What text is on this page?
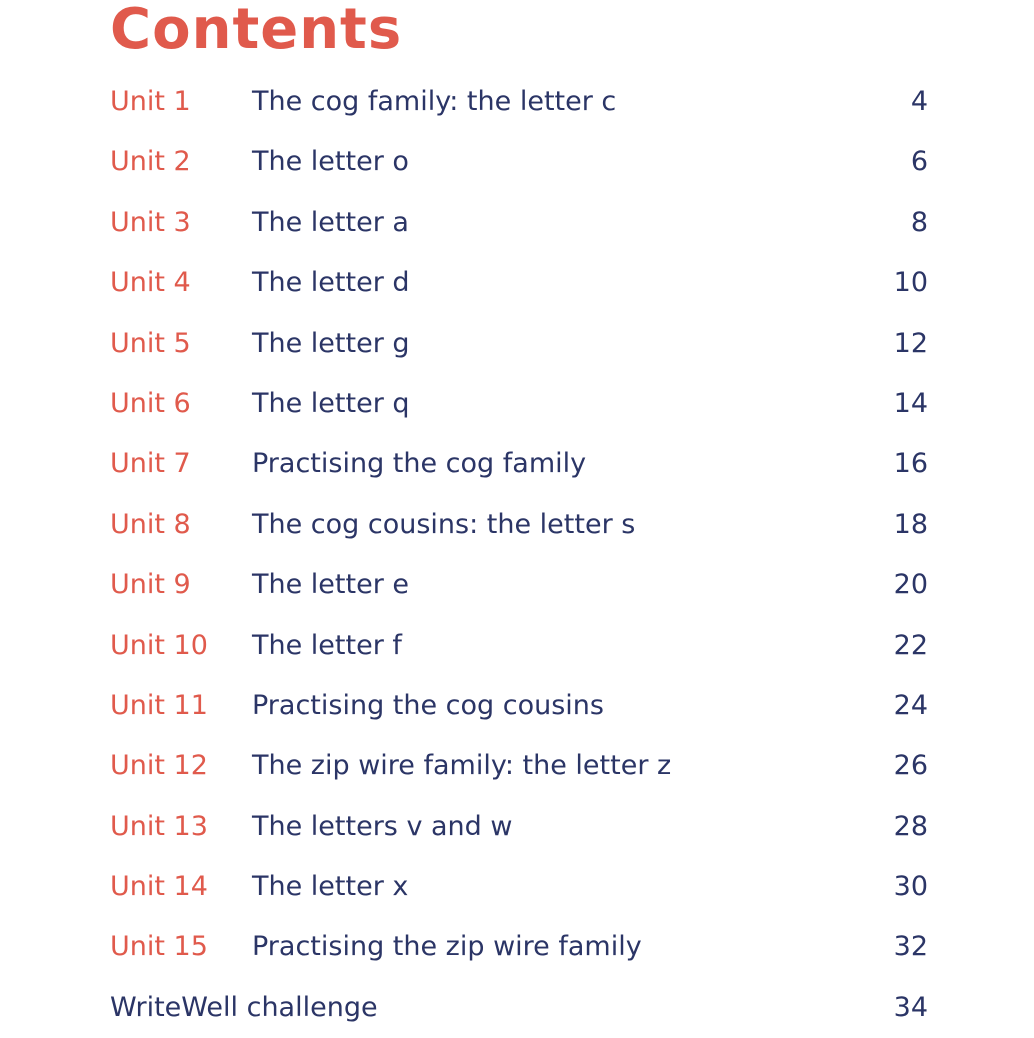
Contents
Unit 1 The cog family: the letter c	4
Unit 2 The letter o	6
Unit 3 The letter a	8
Unit 4 The letter d	10
Unit 5 The letter g	12
Unit 6 The letter q	14
Unit 7 Practising the cog family	16
Unit 8 The cog cousins: the letter s	18
Unit 9 The letter e	20
Unit 10 The letter f	22
Unit 11 Practising the cog cousins	24
Unit 12 The zip wire family: the letter z	26
Unit 13 The letters v and w	28
Unit 14 The letter x	30
Unit 15 Practising the zip wire family	32
WriteWell challenge	34
